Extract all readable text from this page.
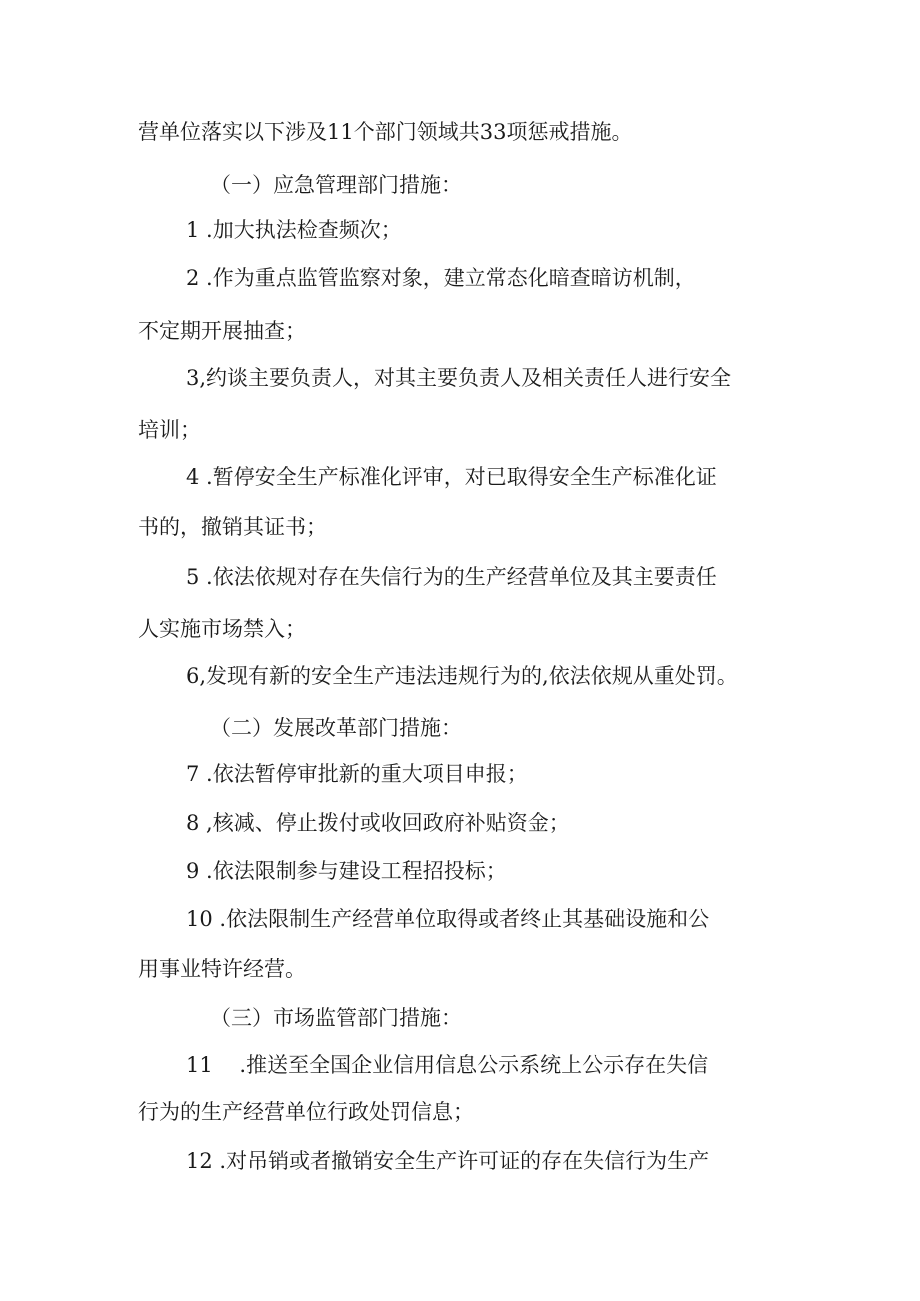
营单位落实以下涉及11个部门领域共33项惩戒措施。

（一）应急管理部门措施：

1 .加大执法检查频次；

2 .作为重点监管监察对象，建立常态化暗查暗访机制，

不定期开展抽查；

3,约谈主要负责人，对其主要负责人及相关责任人进行安全

培训；

4 .暂停安全生产标准化评审，对已取得安全生产标准化证

书的，撤销其证书；

5 .依法依规对存在失信行为的生产经营单位及其主要责任

人实施市场禁入；

6,发现有新的安全生产违法违规行为的,依法依规从重处罚。

（二）发展改革部门措施：

7 .依法暂停审批新的重大项目申报；

8 ,核减、停止拨付或收回政府补贴资金；

9 .依法限制参与建设工程招投标；

10 .依法限制生产经营单位取得或者终止其基础设施和公

用事业特许经营。

（三）市场监管部门措施：

11    .推送至全国企业信用信息公示系统上公示存在失信

行为的生产经营单位行政处罚信息；

12 .对吊销或者撤销安全生产许可证的存在失信行为生产
